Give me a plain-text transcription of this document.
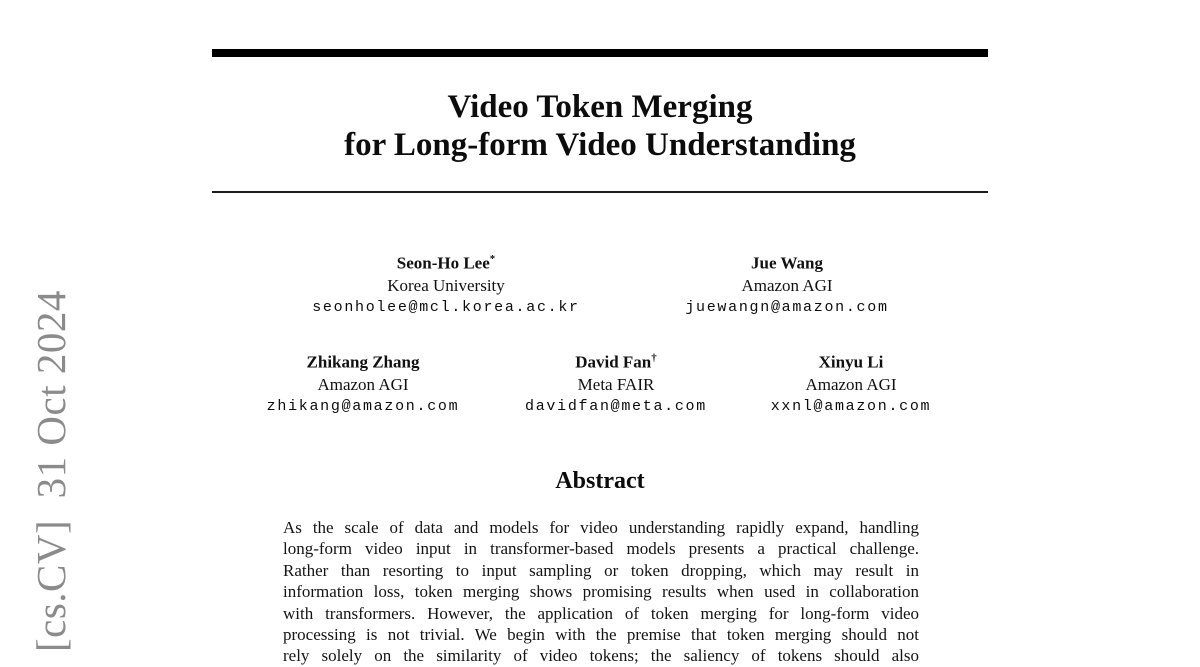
[cs.CV]  31 Oct 2024
Video Token Merging
for Long-form Video Understanding
Seon-Ho Lee*
Korea University
seonholee@mcl.korea.ac.kr
Jue Wang
Amazon AGI
juewangn@amazon.com
Zhikang Zhang
Amazon AGI
zhikang@amazon.com
David Fan†
Meta FAIR
davidfan@meta.com
Xinyu Li
Amazon AGI
xxnl@amazon.com
Abstract
As the scale of data and models for video understanding rapidly expand, handling
long-form video input in transformer-based models presents a practical challenge.
Rather than resorting to input sampling or token dropping, which may result in
information loss, token merging shows promising results when used in collaboration
with transformers. However, the application of token merging for long-form video
processing is not trivial. We begin with the premise that token merging should not
rely solely on the similarity of video tokens; the saliency of tokens should also
